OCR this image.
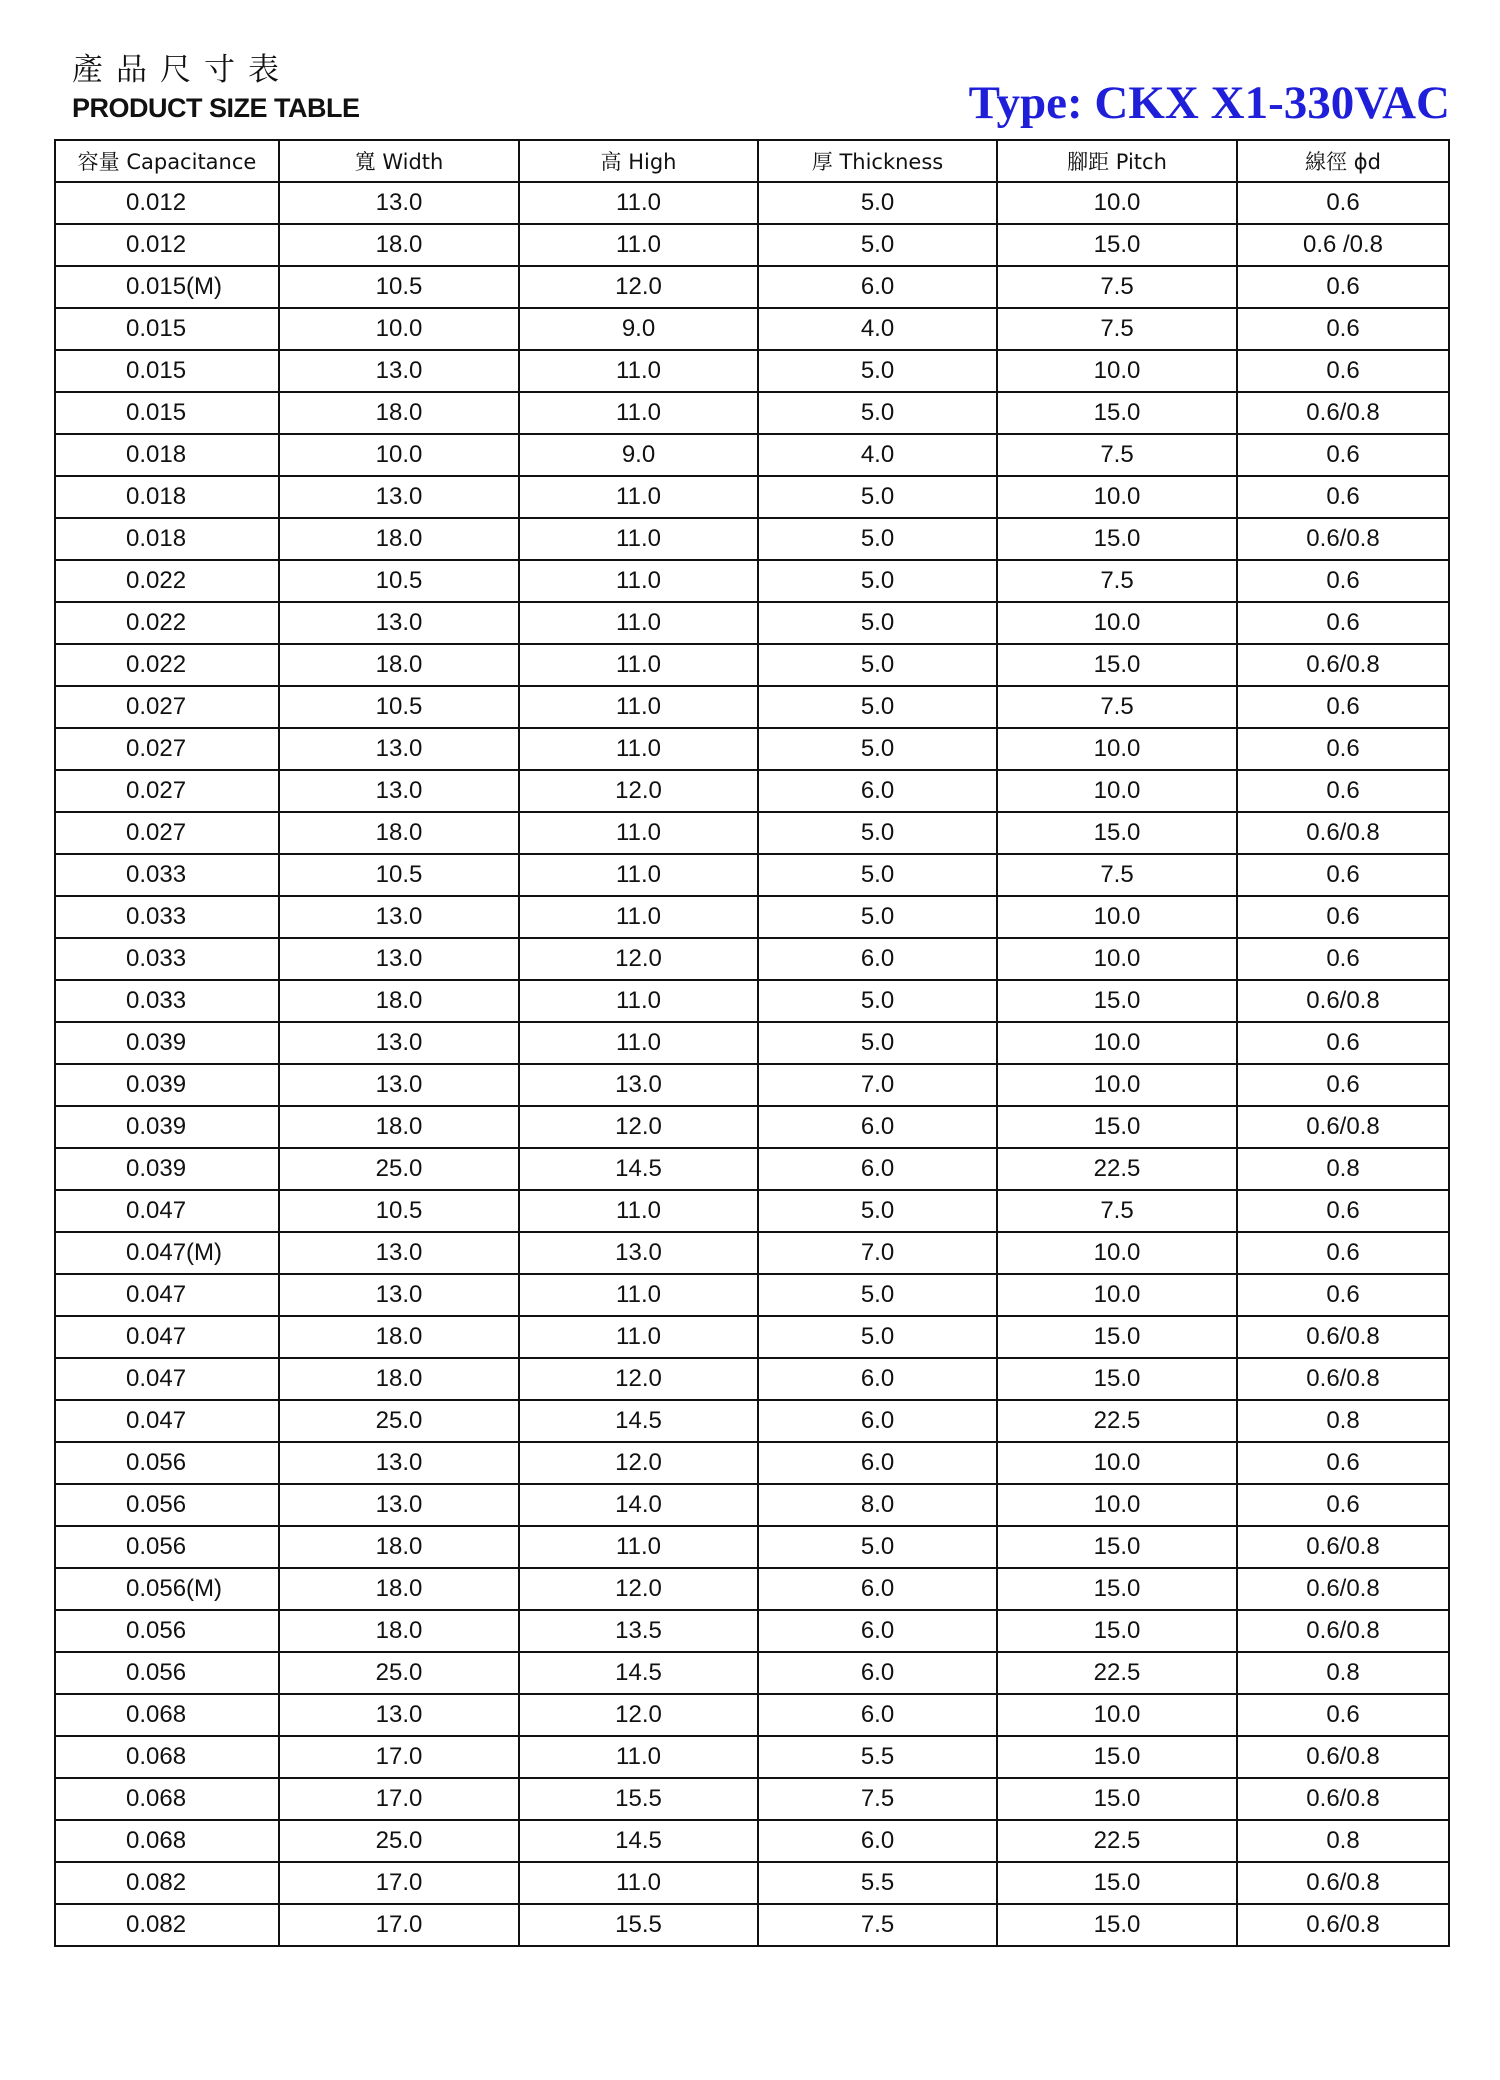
產品尺寸表
PRODUCT SIZE TABLE	Type: CKX X1-330VAC
容量 Capacitance	寬 Width	高 High	厚 Thickness	腳距 Pitch	線徑 ϕd
0.012	13.0	11.0	5.0	10.0	0.6
0.012	18.0	11.0	5.0	15.0	0.6 /0.8
0.015(M)	10.5	12.0	6.0	7.5	0.6
0.015	10.0	9.0	4.0	7.5	0.6
0.015	13.0	11.0	5.0	10.0	0.6
0.015	18.0	11.0	5.0	15.0	0.6/0.8
0.018	10.0	9.0	4.0	7.5	0.6
0.018	13.0	11.0	5.0	10.0	0.6
0.018	18.0	11.0	5.0	15.0	0.6/0.8
0.022	10.5	11.0	5.0	7.5	0.6
0.022	13.0	11.0	5.0	10.0	0.6
0.022	18.0	11.0	5.0	15.0	0.6/0.8
0.027	10.5	11.0	5.0	7.5	0.6
0.027	13.0	11.0	5.0	10.0	0.6
0.027	13.0	12.0	6.0	10.0	0.6
0.027	18.0	11.0	5.0	15.0	0.6/0.8
0.033	10.5	11.0	5.0	7.5	0.6
0.033	13.0	11.0	5.0	10.0	0.6
0.033	13.0	12.0	6.0	10.0	0.6
0.033	18.0	11.0	5.0	15.0	0.6/0.8
0.039	13.0	11.0	5.0	10.0	0.6
0.039	13.0	13.0	7.0	10.0	0.6
0.039	18.0	12.0	6.0	15.0	0.6/0.8
0.039	25.0	14.5	6.0	22.5	0.8
0.047	10.5	11.0	5.0	7.5	0.6
0.047(M)	13.0	13.0	7.0	10.0	0.6
0.047	13.0	11.0	5.0	10.0	0.6
0.047	18.0	11.0	5.0	15.0	0.6/0.8
0.047	18.0	12.0	6.0	15.0	0.6/0.8
0.047	25.0	14.5	6.0	22.5	0.8
0.056	13.0	12.0	6.0	10.0	0.6
0.056	13.0	14.0	8.0	10.0	0.6
0.056	18.0	11.0	5.0	15.0	0.6/0.8
0.056(M)	18.0	12.0	6.0	15.0	0.6/0.8
0.056	18.0	13.5	6.0	15.0	0.6/0.8
0.056	25.0	14.5	6.0	22.5	0.8
0.068	13.0	12.0	6.0	10.0	0.6
0.068	17.0	11.0	5.5	15.0	0.6/0.8
0.068	17.0	15.5	7.5	15.0	0.6/0.8
0.068	25.0	14.5	6.0	22.5	0.8
0.082	17.0	11.0	5.5	15.0	0.6/0.8
0.082	17.0	15.5	7.5	15.0	0.6/0.8
